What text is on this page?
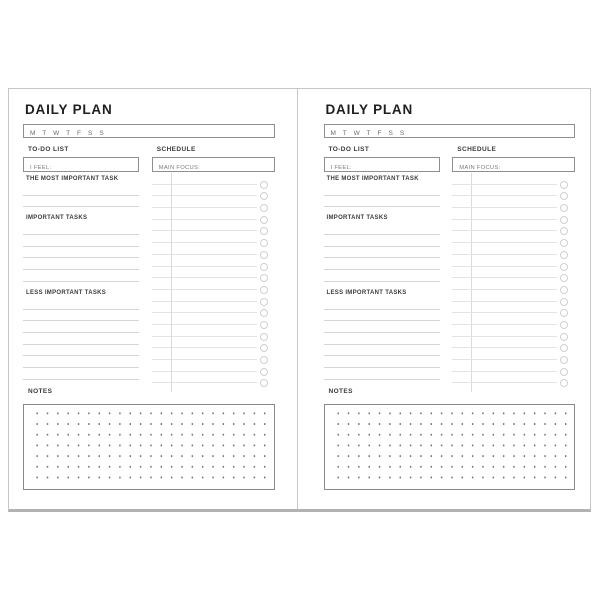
DAILY PLAN
M T W T F S S
TO-DO LIST	SCHEDULE
I FEEL:	MAIN FOCUS:
THE MOST IMPORTANT TASK
IMPORTANT TASKS
LESS IMPORTANT TASKS
NOTES
DAILY PLAN
M T W T F S S
TO-DO LIST	SCHEDULE
I FEEL:	MAIN FOCUS:
THE MOST IMPORTANT TASK
IMPORTANT TASKS
LESS IMPORTANT TASKS
NOTES
